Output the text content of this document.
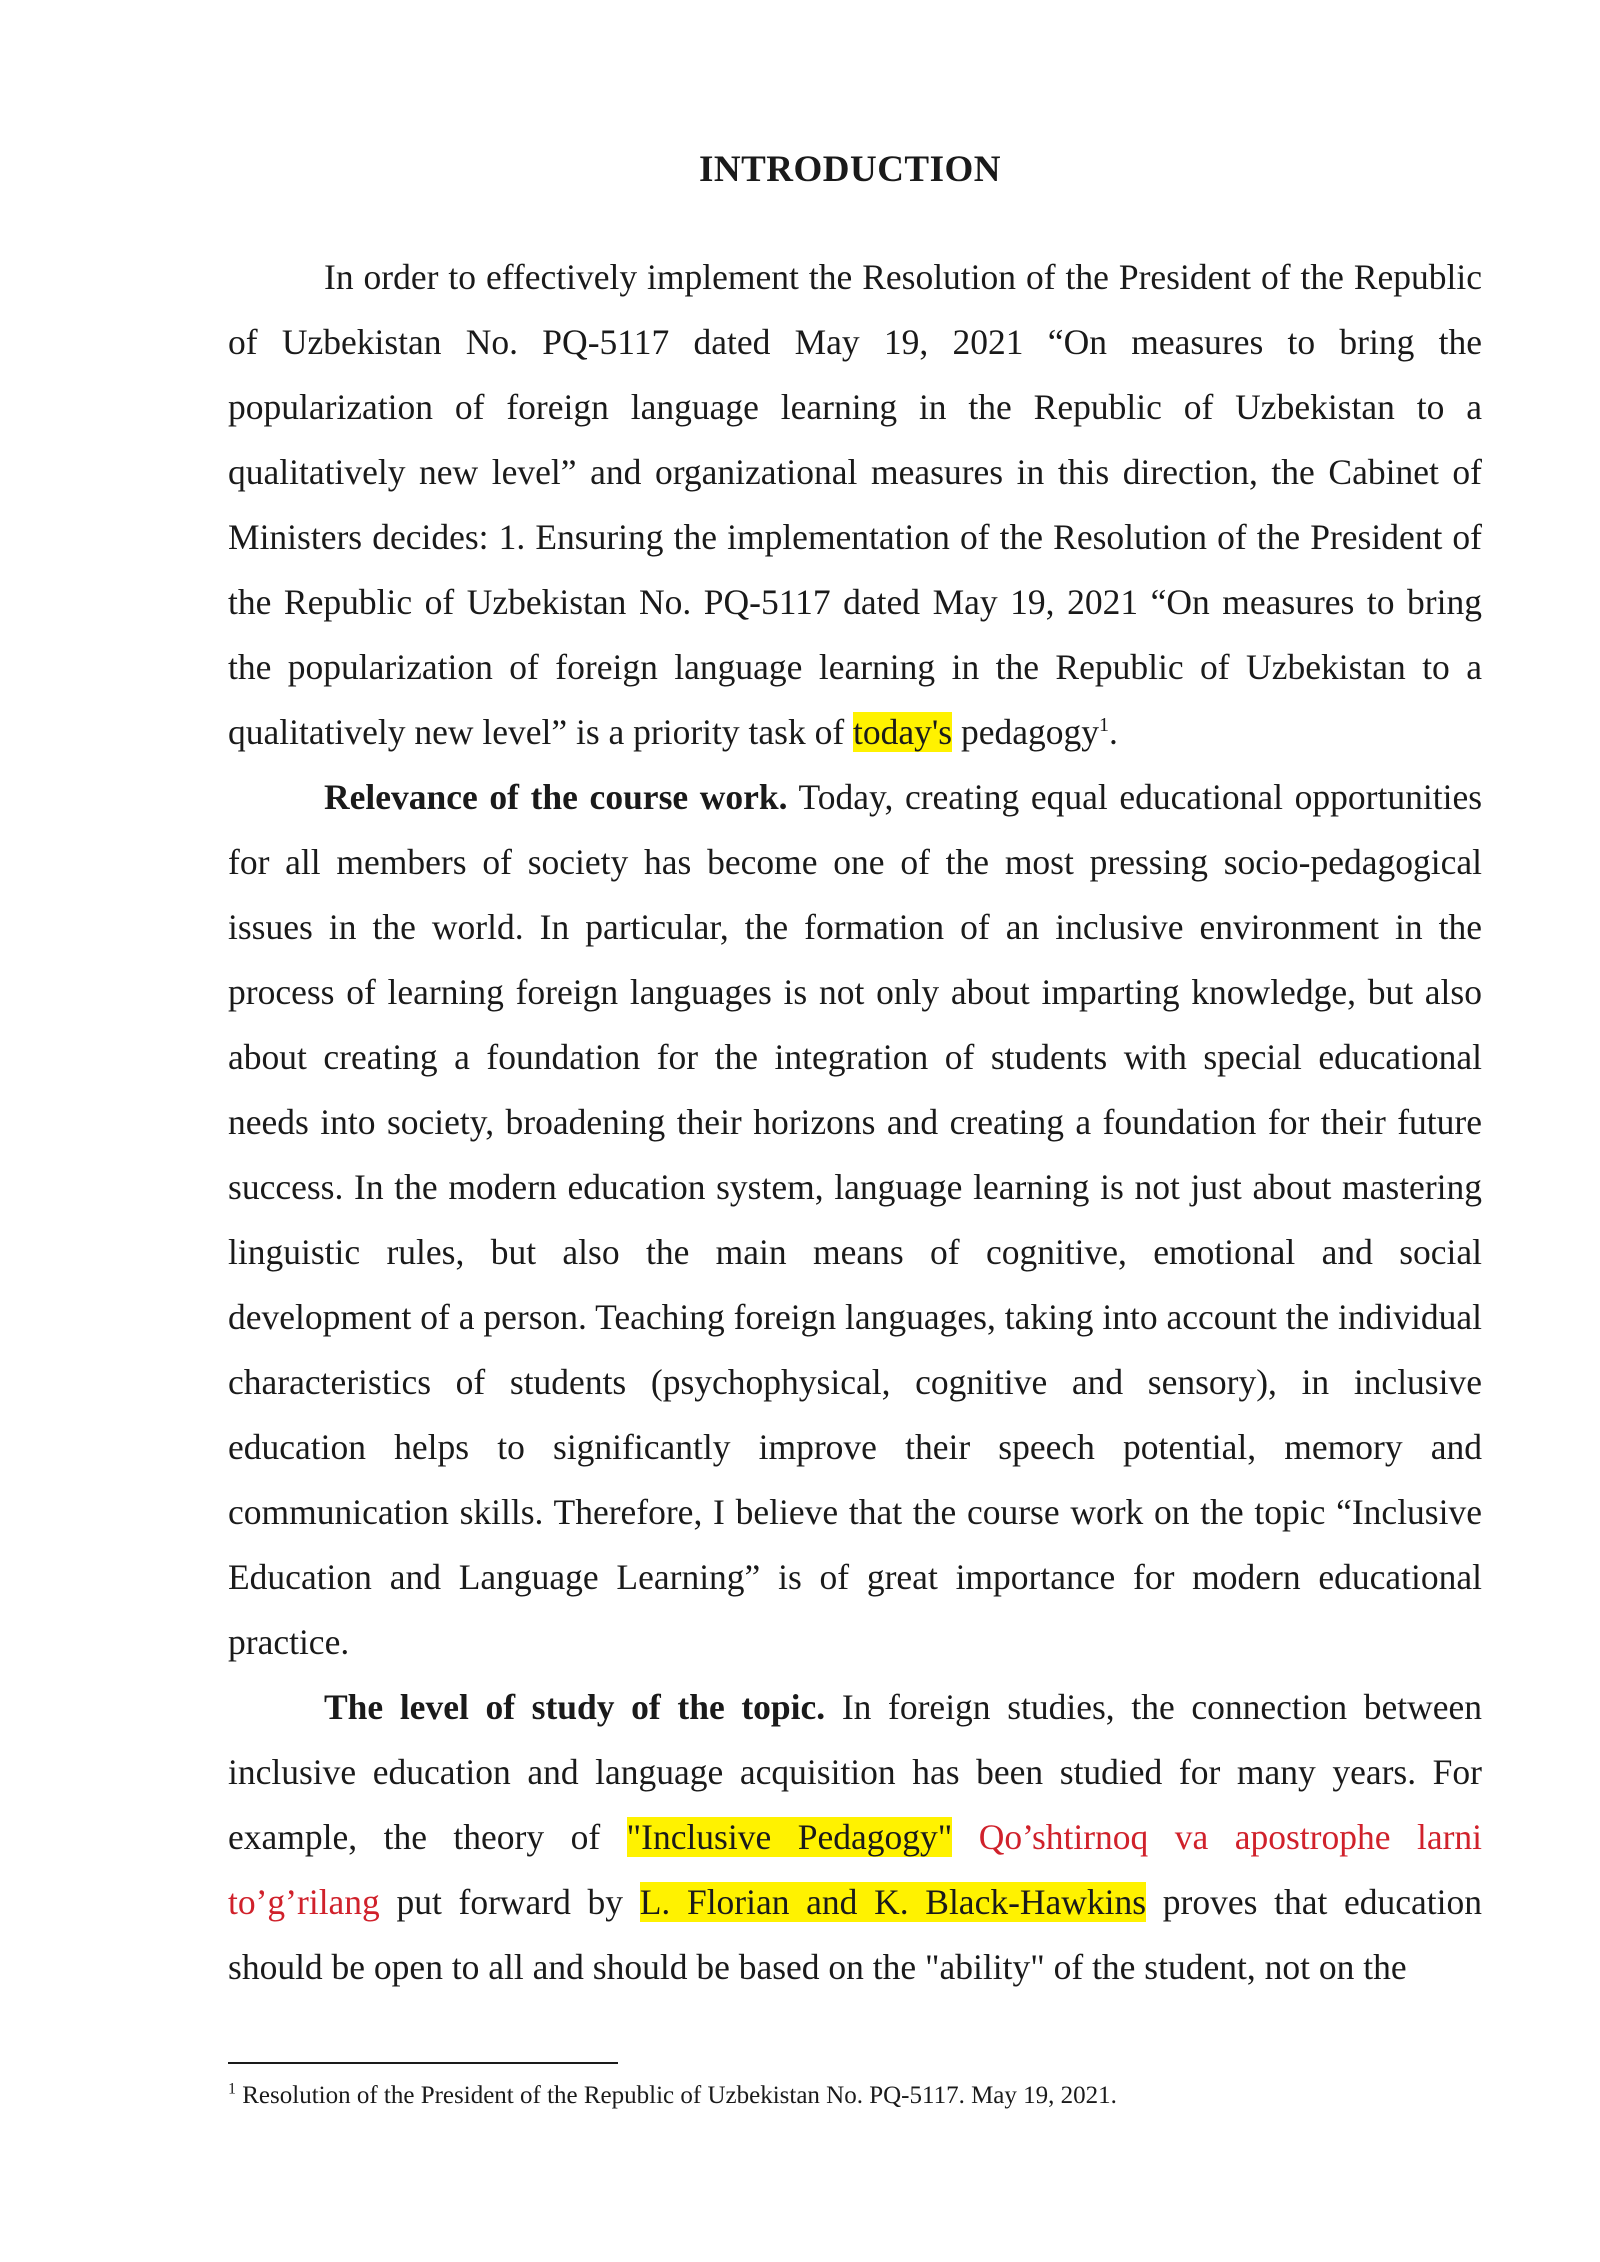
INTRODUCTION

In order to effectively implement the Resolution of the President of the Republic of Uzbekistan No. PQ-5117 dated May 19, 2021 “On measures to bring the popularization of foreign language learning in the Republic of Uzbekistan to a qualitatively new level” and organizational measures in this direction, the Cabinet of Ministers decides: 1. Ensuring the implementation of the Resolution of the President of the Republic of Uzbekistan No. PQ-5117 dated May 19, 2021 “On measures to bring the popularization of foreign language learning in the Republic of Uzbekistan to a qualitatively new level” is a priority task of today's pedagogy$^1$.

Relevance of the course work. Today, creating equal educational opportunities for all members of society has become one of the most pressing socio-pedagogical issues in the world. In particular, the formation of an inclusive environment in the process of learning foreign languages is not only about imparting knowledge, but also about creating a foundation for the integration of students with special educational needs into society, broadening their horizons and creating a foundation for their future success. In the modern education system, language learning is not just about mastering linguistic rules, but also the main means of cognitive, emotional and social development of a person. Teaching foreign languages, taking into account the individual characteristics of students (psychophysical, cognitive and sensory), in inclusive education helps to significantly improve their speech potential, memory and communication skills. Therefore, I believe that the course work on the topic “Inclusive Education and Language Learning” is of great importance for modern educational practice.

The level of study of the topic. In foreign studies, the connection between inclusive education and language acquisition has been studied for many years. For example, the theory of "Inclusive Pedagogy" Qo’shtirnoq va apostrophe larni to’g’rilang put forward by L. Florian and K. Black-Hawkins proves that education should be open to all and should be based on the "ability" of the student, not on the

$^1$ Resolution of the President of the Republic of Uzbekistan No. PQ-5117. May 19, 2021.
